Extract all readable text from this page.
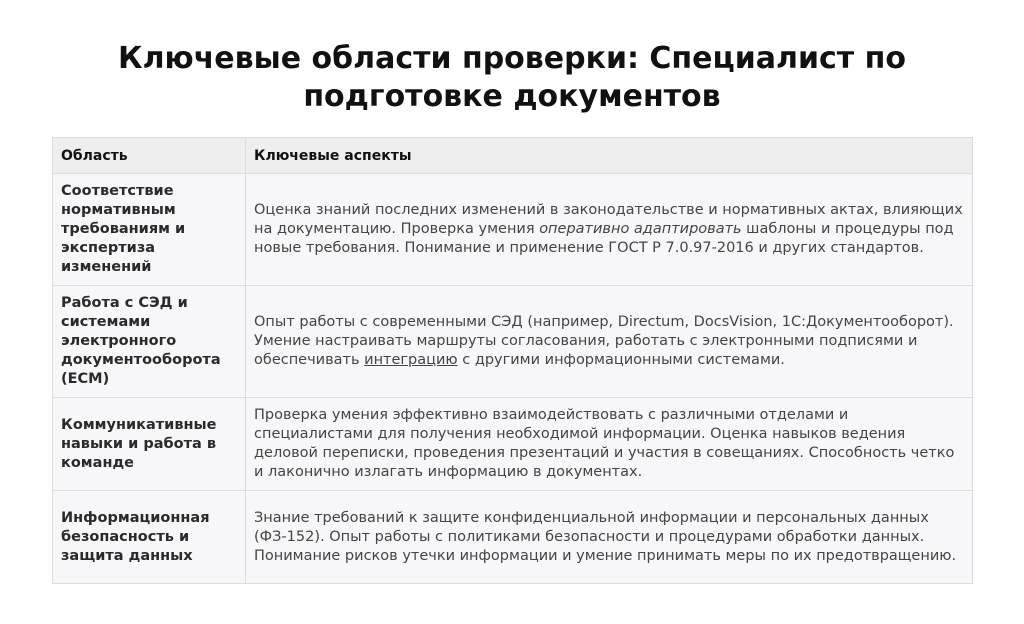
Ключевые области проверки: Специалист по подготовке документов
Область	Ключевые аспекты
Соответствие нормативным требованиям и экспертиза изменений	Оценка знаний последних изменений в законодательстве и нормативных актах, влияющих на документацию. Проверка умения оперативно адаптировать шаблоны и процедуры под новые требования. Понимание и применение ГОСТ Р 7.0.97-2016 и других стандартов.
Работа с СЭД и системами электронного документооборота (ECM)	Опыт работы с современными СЭД (например, Directum, DocsVision, 1С:Документооборот). Умение настраивать маршруты согласования, работать с электронными подписями и обеспечивать интеграцию с другими информационными системами.
Коммуникативные навыки и работа в команде	Проверка умения эффективно взаимодействовать с различными отделами и специалистами для получения необходимой информации. Оценка навыков ведения деловой переписки, проведения презентаций и участия в совещаниях. Способность четко и лаконично излагать информацию в документах.
Информационная безопасность и защита данных	Знание требований к защите конфиденциальной информации и персональных данных (ФЗ-152). Опыт работы с политиками безопасности и процедурами обработки данных. Понимание рисков утечки информации и умение принимать меры по их предотвращению.
